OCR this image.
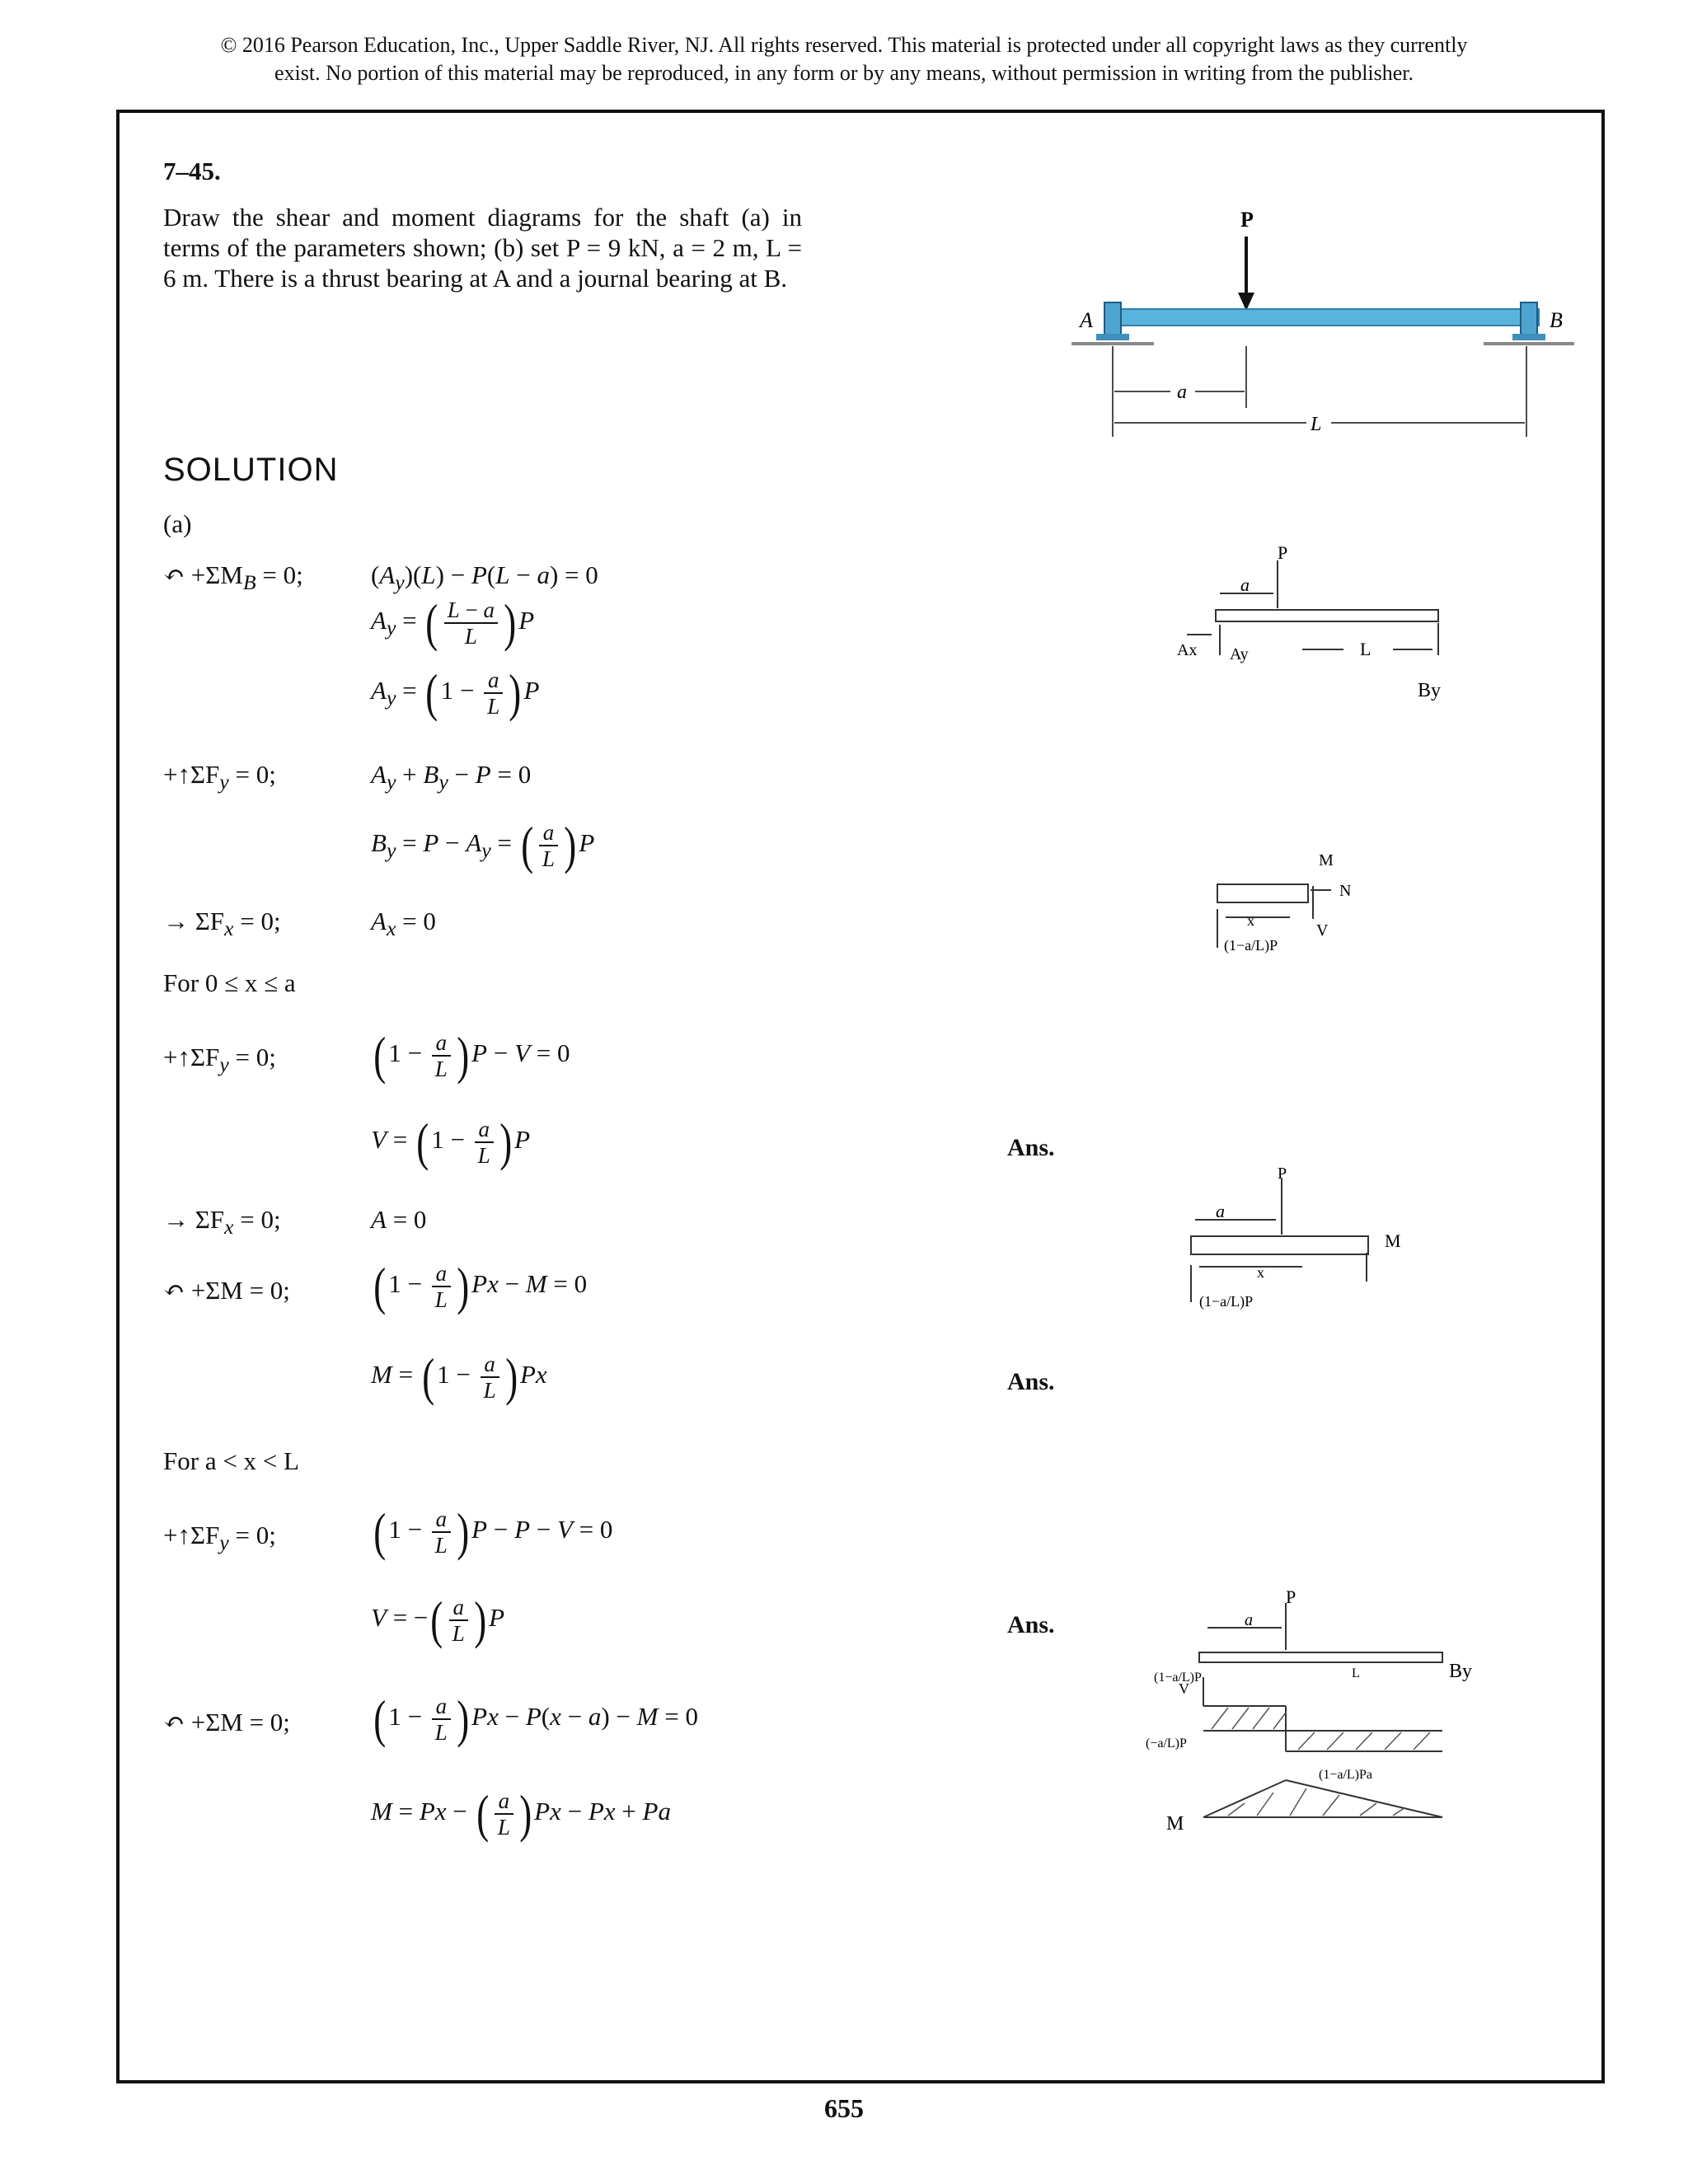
© 2016 Pearson Education, Inc., Upper Saddle River, NJ. All rights reserved. This material is protected under all copyright laws as they currently
exist. No portion of this material may be reproduced, in any form or by any means, without permission in writing from the publisher.
7–45.
Draw the shear and moment diagrams for the shaft (a) in terms of the parameters shown; (b) set P = 9 kN, a = 2 m, L = 6 m. There is a thrust bearing at A and a journal bearing at B.
P
A	B
a
L
SOLUTION
(a)
↶ $+\Sigma M_B = 0$;	$(A_y)(L) - P(L - a) = 0$
$A_y$ = ( $\frac{L - a}{L}$ ) P
$A_y$ = ( $1 - \frac{a}{L}$ ) P
$+↑\Sigma F_y = 0$;	$A_y + B_y - P = 0$
$B_y = P - A_y$ = ( $\frac{a}{L}$ ) P
→ $\Sigma F_x = 0$;	$A_x = 0$
For 0 ≤ x ≤ a
$+↑\Sigma F_y = 0$; ( $1 - \frac{a}{L}$ ) P − V = 0
V = ( $1 - \frac{a}{L}$ ) P	Ans.
→ $\Sigma F_x = 0$;	A = 0
↶ +ΣM = 0; ( $1 - \frac{a}{L}$ ) Px − M = 0
M = ( $1 - \frac{a}{L}$ ) Px	Ans.
For a < x < L
$+↑\Sigma F_y = 0$; ( $1 - \frac{a}{L}$ ) P − P − V = 0
V = −( $\frac{a}{L}$ ) P	Ans.
↶ +ΣM = 0; ( $1 - \frac{a}{L}$ ) Px − P(x − a) − M = 0
M = Px − ( $\frac{a}{L}$ ) Px − Px + Pa
P
a
Ax Ay	L
By
M
N
V
x
(1−a/L)P
P
a
M
x
(1−a/L)P
P
a
L	By
V
(1−a/L)P
(−a/L)P
(1−a/L)Pa
M
655
